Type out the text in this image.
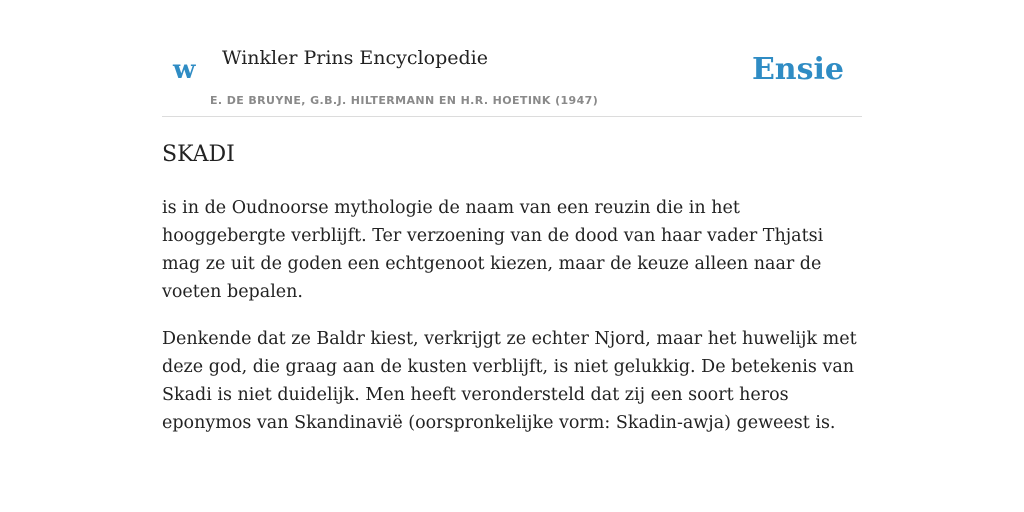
w Winkler Prins Encyclopedie
E. DE BRUYNE, G.B.J. HILTERMANN EN H.R. HOETINK (1947)
Ensie
SKADI

is in de Oudnoorse mythologie de naam van een reuzin die in het hooggebergte verblijft. Ter verzoening van de dood van haar vader Thjatsi mag ze uit de goden een echtgenoot kiezen, maar de keuze alleen naar de voeten bepalen.

Denkende dat ze Baldr kiest, verkrijgt ze echter Njord, maar het huwelijk met deze god, die graag aan de kusten verblijft, is niet gelukkig. De betekenis van Skadi is niet duidelijk. Men heeft verondersteld dat zij een soort heros eponymos van Skandinavië (oorspronkelijke vorm: Skadin-awja) geweest is.
